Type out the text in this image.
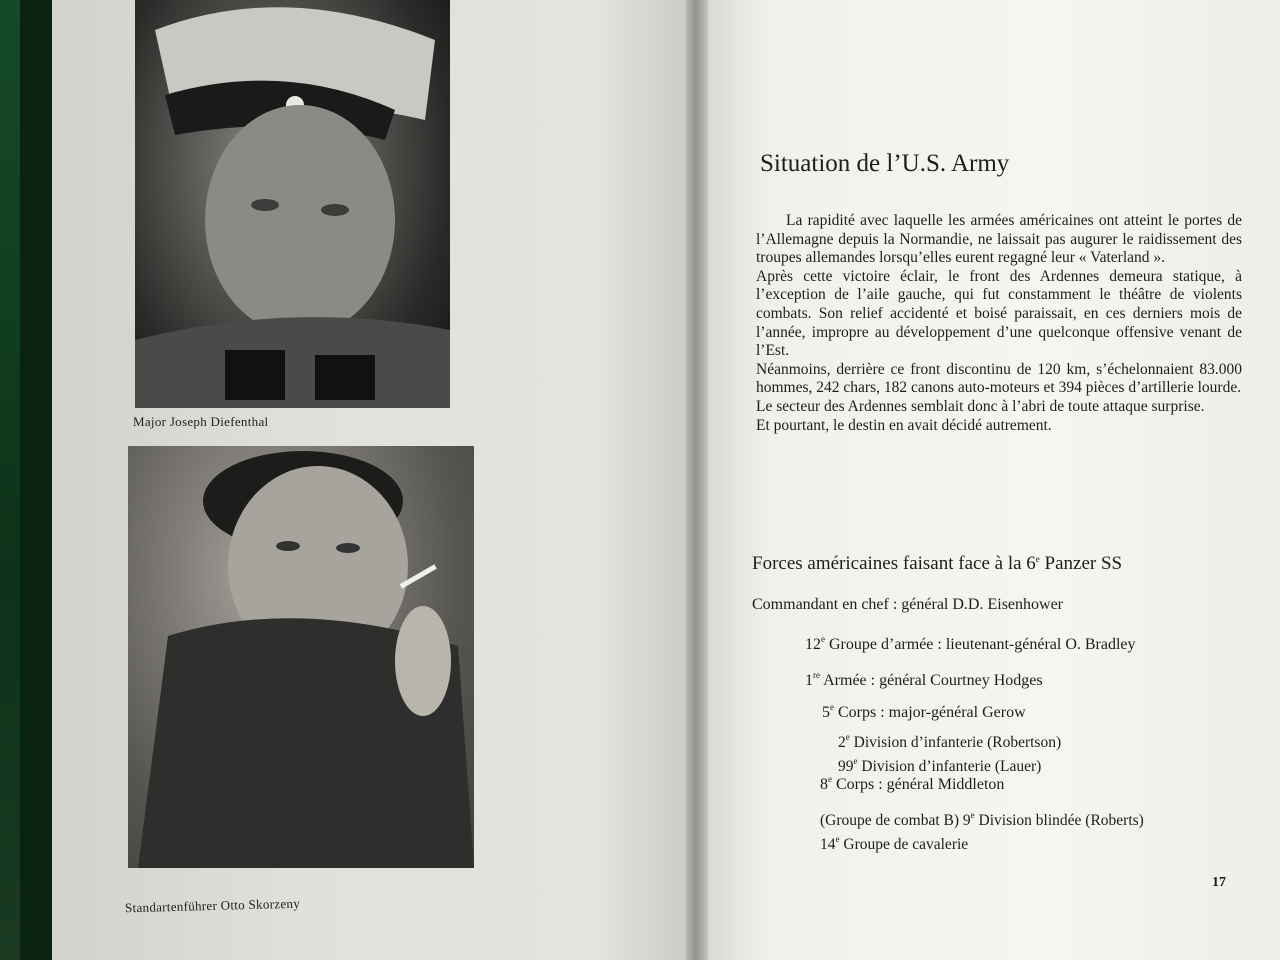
Major Joseph Diefenthal
Standartenführer Otto Skorzeny
Situation de l’U.S. Army

La rapidité avec laquelle les armées américaines ont atteint le portes de l’Allemagne depuis la Normandie, ne laissait pas augurer le raidissement des troupes allemandes lorsqu’elles eurent regagné leur « Vaterland ».

Après cette victoire éclair, le front des Ardennes demeura statique, à l’exception de l’aile gauche, qui fut constamment le théâtre de violents combats. Son relief accidenté et boisé paraissait, en ces derniers mois de l’année, impropre au développement d’une quelconque offensive venant de l’Est.

Néanmoins, derrière ce front discontinu de 120 km, s’échelonnaient 83.000 hommes, 242 chars, 182 canons auto-moteurs et 394 pièces d’artillerie lourde.

Le secteur des Ardennes semblait donc à l’abri de toute attaque surprise.

Et pourtant, le destin en avait décidé autrement.

Forces américaines faisant face à la 6e Panzer SS
Commandant en chef : général D.D. Eisenhower
12e Groupe d’armée : lieutenant-général O. Bradley
1re Armée : général Courtney Hodges
5e Corps : major-général Gerow
2e Division d’infanterie (Robertson)
99e Division d’infanterie (Lauer)
8e Corps : général Middleton
(Groupe de combat B) 9e Division blindée (Roberts)
14e Groupe de cavalerie
17
